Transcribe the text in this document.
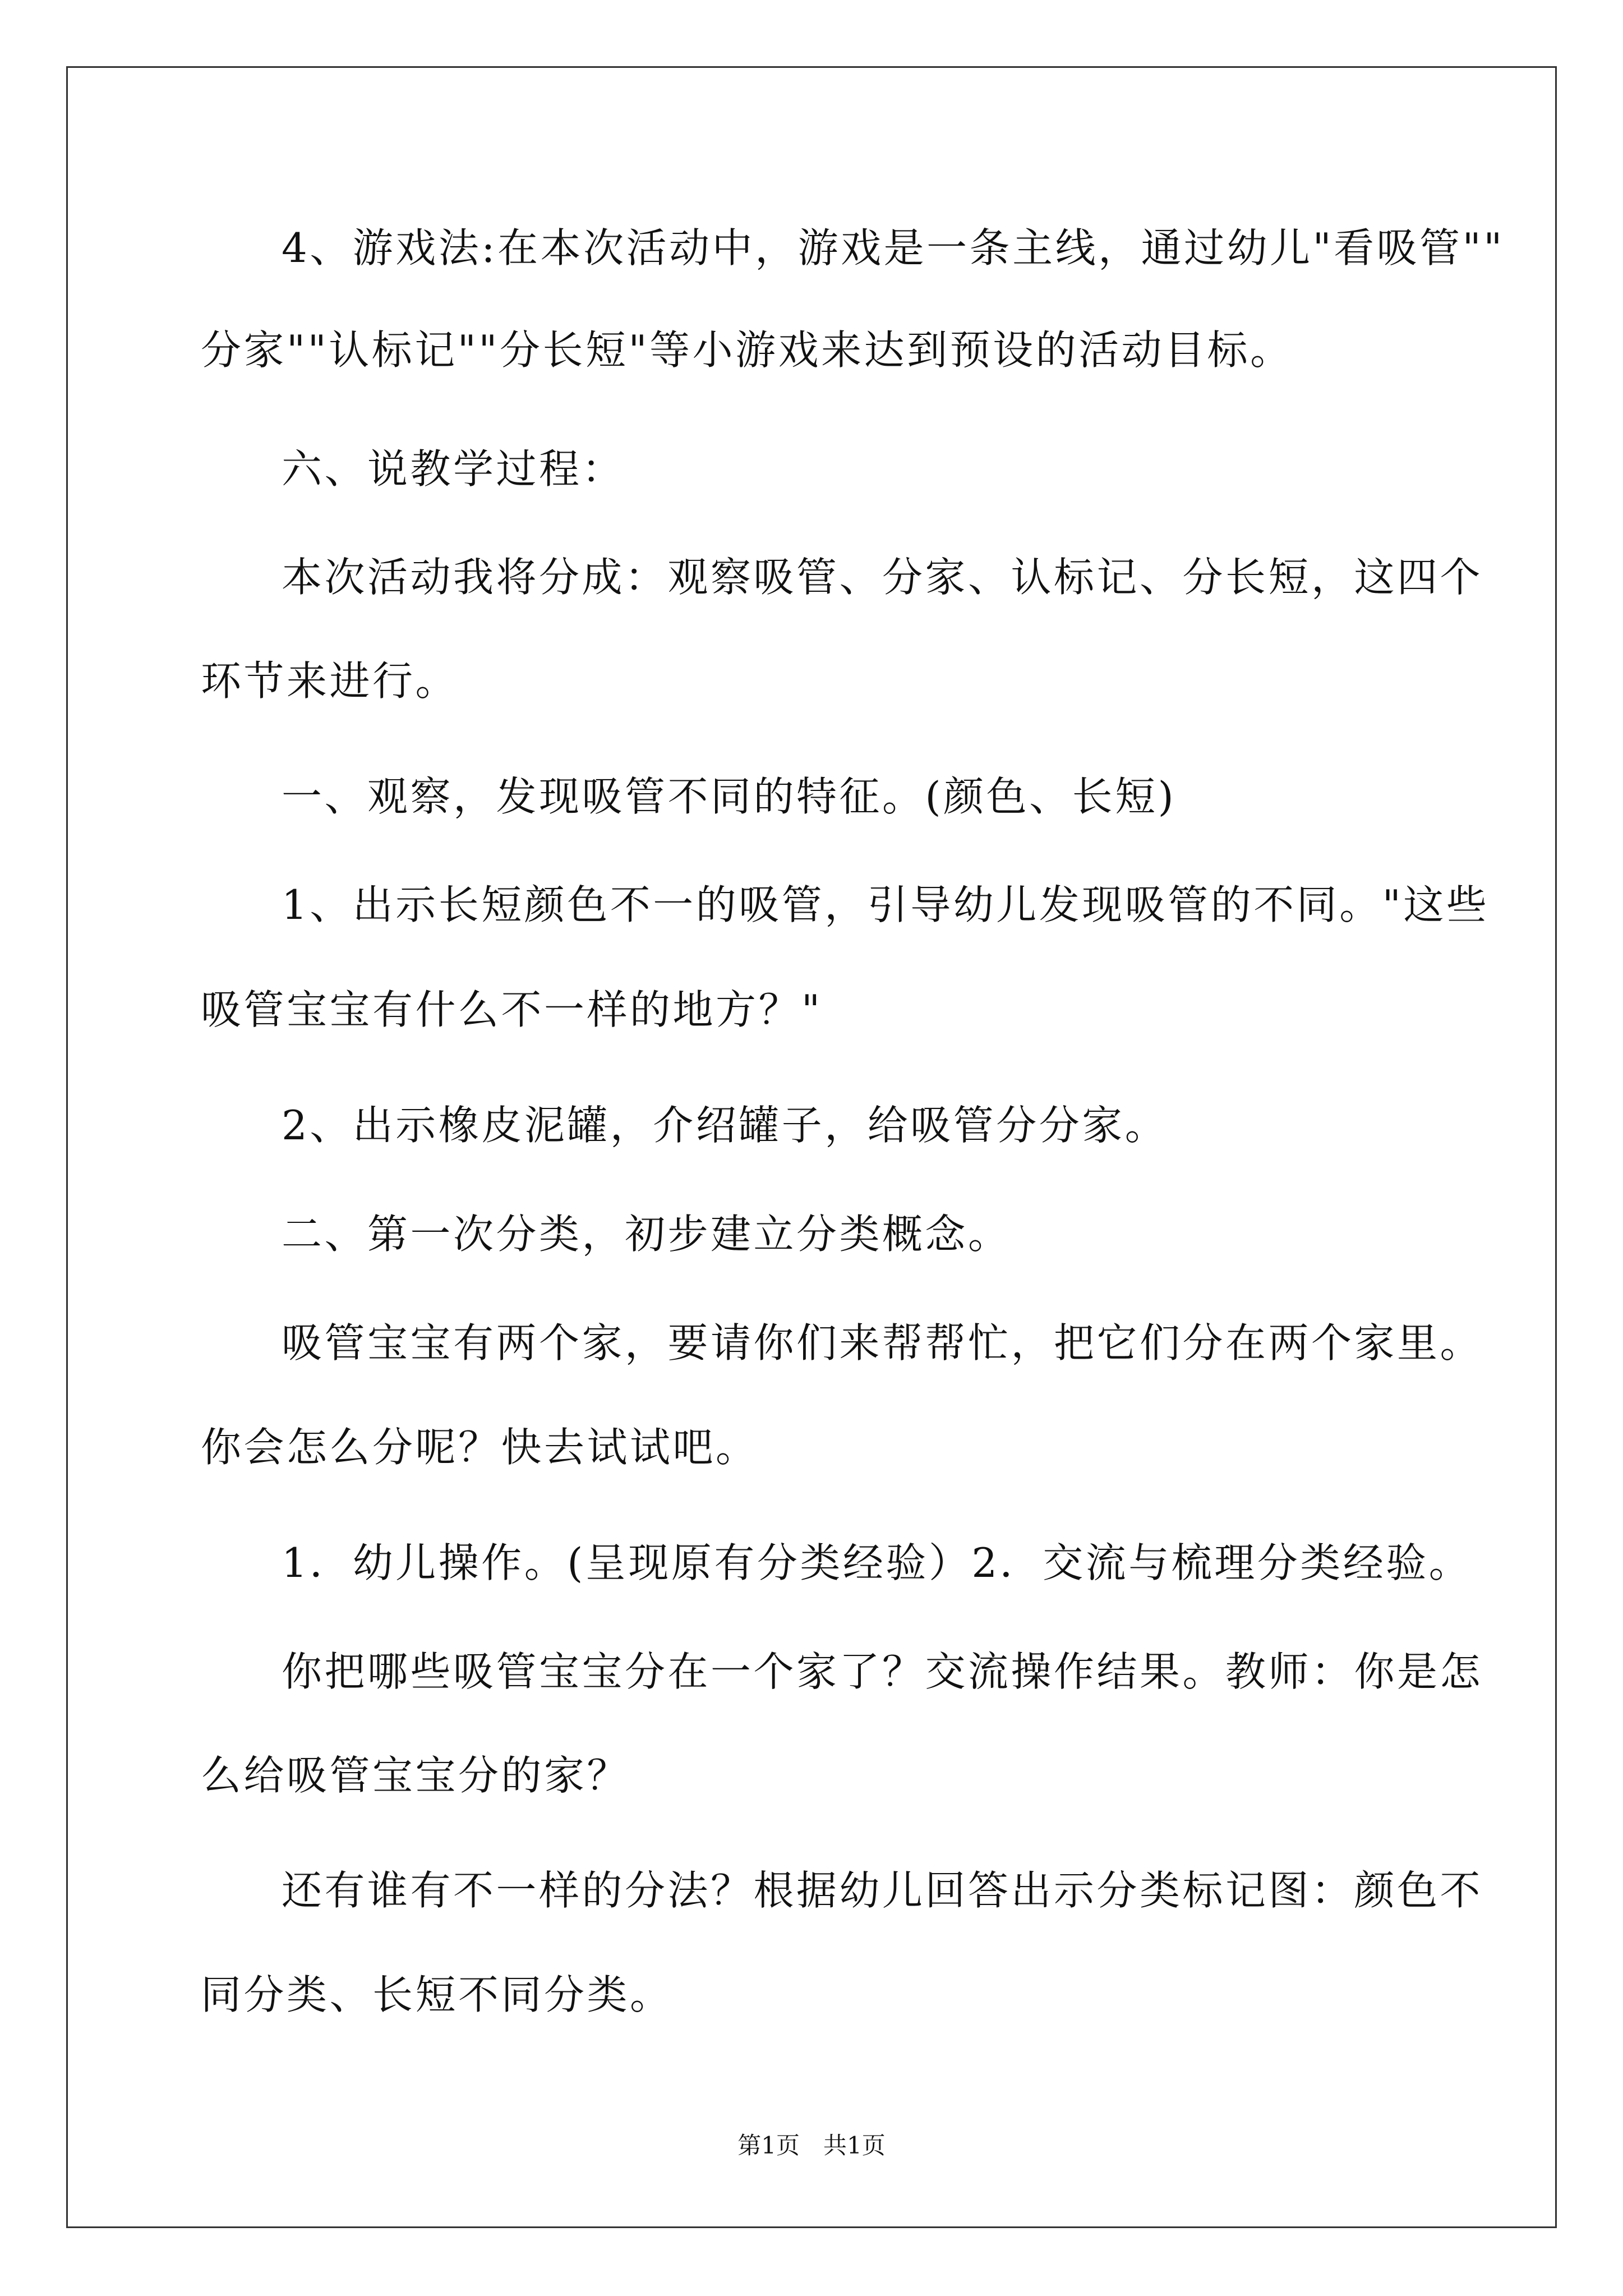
4、游戏法:在本次活动中，游戏是一条主线，通过幼儿"看吸管""
分家""认标记""分长短"等小游戏来达到预设的活动目标。
六、说教学过程：
本次活动我将分成：观察吸管、分家、认标记、分长短，这四个
环节来进行。
一、观察，发现吸管不同的特征。(颜色、长短)
1、出示长短颜色不一的吸管，引导幼儿发现吸管的不同。"这些
吸管宝宝有什么不一样的地方？"
2、出示橡皮泥罐，介绍罐子，给吸管分分家。
二、第一次分类，初步建立分类概念。
吸管宝宝有两个家，要请你们来帮帮忙，把它们分在两个家里。
你会怎么分呢？快去试试吧。
1．幼儿操作。(呈现原有分类经验）2．交流与梳理分类经验。
你把哪些吸管宝宝分在一个家了？交流操作结果。教师：你是怎
么给吸管宝宝分的家？
还有谁有不一样的分法？根据幼儿回答出示分类标记图：颜色不
同分类、长短不同分类。
第1页　共1页
